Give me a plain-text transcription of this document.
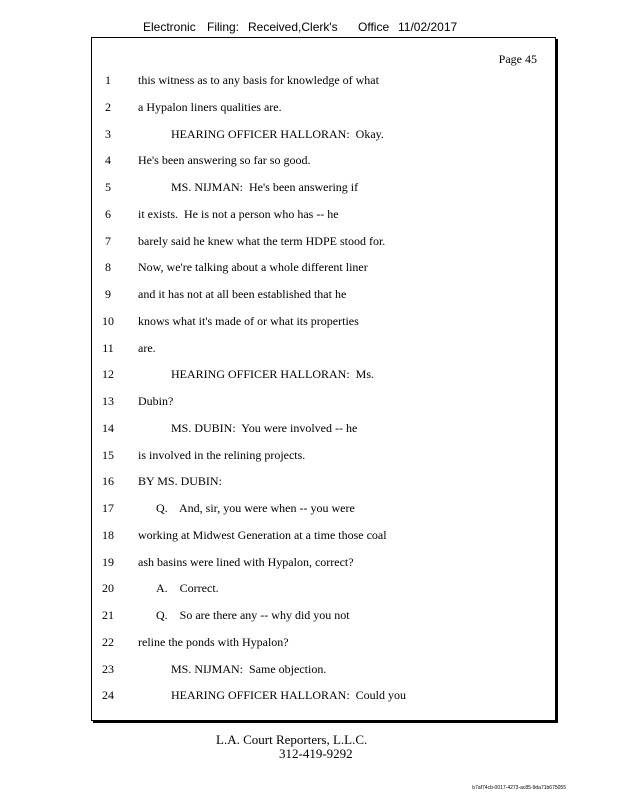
Electronic Filing: Received,Clerk's Office 11/02/2017
Page 45
1	this witness as to any basis for knowledge of what
2	a Hypalon liners qualities are.
3	HEARING OFFICER HALLORAN:  Okay.
4	He's been answering so far so good.
5	MS. NIJMAN:  He's been answering if
6	it exists.  He is not a person who has -- he
7	barely said he knew what the term HDPE stood for.
8	Now, we're talking about a whole different liner
9	and it has not at all been established that he
10	knows what it's made of or what its properties
11	are.
12	HEARING OFFICER HALLORAN:  Ms.
13	Dubin?
14	MS. DUBIN:  You were involved -- he
15	is involved in the relining projects.
16	BY MS. DUBIN:
17	Q.    And, sir, you were when -- you were
18	working at Midwest Generation at a time those coal
19	ash basins were lined with Hypalon, correct?
20	A.    Correct.
21	Q.    So are there any -- why did you not
22	reline the ponds with Hypalon?
23	MS. NIJMAN:  Same objection.
24	HEARING OFFICER HALLORAN:  Could you
L.A. Court Reporters, L.L.C.
312-419-9292
b7af74cb-0017-4273-ac85-9da71b675055
